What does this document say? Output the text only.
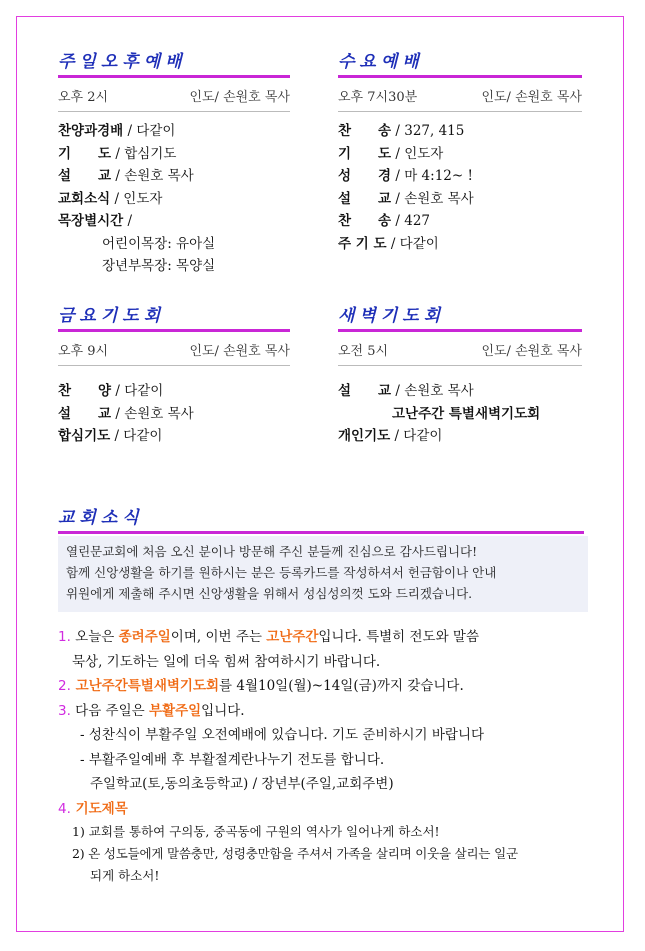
주일오후예배
오후 2시	인도/ 손원호 목사
찬양과경배 / 다같이
기　　도 / 합심기도
설　　교 / 손원호 목사
교회소식 / 인도자
목장별시간 /
어린이목장: 유아실
장년부목장: 목양실
수요예배
오후 7시30분	인도/ 손원호 목사
찬　　송 / 327, 415
기　　도 / 인도자
성　　경 / 마 4:12~ !
설　　교 / 손원호 목사
찬　　송 / 427
주 기 도 / 다같이
금요기도회
오후 9시	인도/ 손원호 목사
찬　　양 / 다같이
설　　교 / 손원호 목사
합심기도 / 다같이
새벽기도회
오전 5시	인도/ 손원호 목사
설　　교 / 손원호 목사
고난주간 특별새벽기도회
개인기도 / 다같이
교회소식
열린문교회에 처음 오신 분이나 방문해 주신 분들께 진심으로 감사드립니다!
함께 신앙생활을 하기를 원하시는 분은 등록카드를 작성하셔서 헌금함이나 안내
위원에게 제출해 주시면 신앙생활을 위해서 성심성의껏 도와 드리겠습니다.
1. 오늘은 종려주일이며, 이번 주는 고난주간입니다. 특별히 전도와 말씀
묵상, 기도하는 일에 더욱 힘써 참여하시기 바랍니다.
2. 고난주간특별새벽기도회를 4월10일(월)~14일(금)까지 갖습니다.
3. 다음 주일은 부활주일입니다.
- 성찬식이 부활주일 오전예배에 있습니다. 기도 준비하시기 바랍니다
- 부활주일예배 후 부활절계란나누기 전도를 합니다.
주일학교(토,동의초등학교) / 장년부(주일,교회주변)
4. 기도제목
1) 교회를 통하여 구의동, 중곡동에 구원의 역사가 일어나게 하소서!
2) 온 성도들에게 말씀충만, 성령충만함을 주셔서 가족을 살리며 이웃을 살리는 일군
되게 하소서!
